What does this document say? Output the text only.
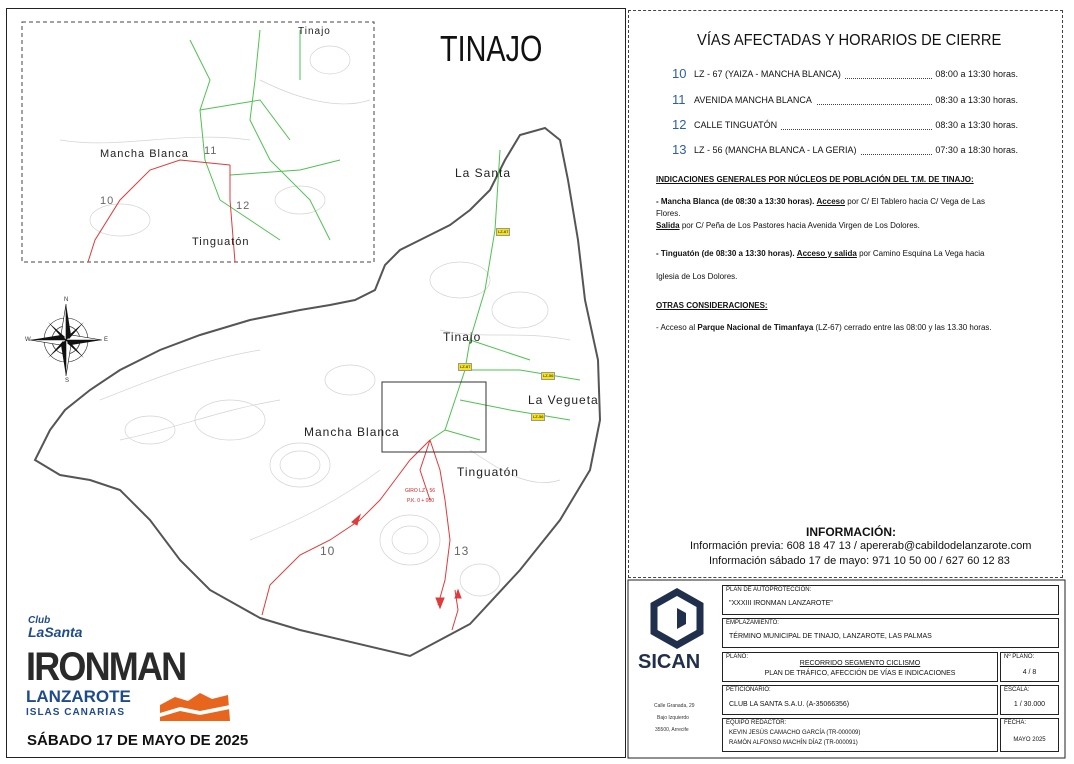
N
S
E
W
TINAJO
La Santa
Tinajo
La Vegueta
Mancha Blanca
Tinguatón
Tinajo
Mancha Blanca
Tinguatón
10	13
10
11
12
LZ-67
LZ-67
LZ-56
LZ-56
GIRO LZ - 56
P.K. 0 + 000
VÍAS AFECTADAS Y HORARIOS DE CIERRE
10 LZ - 67 (YAIZA - MANCHA BLANCA)	08:00 a 13:30 horas.
11 AVENIDA MANCHA BLANCA	08:30 a 13:30 horas.
12 CALLE TINGUATÓN	08:30 a 13:30 horas.
13 LZ - 56 (MANCHA BLANCA - LA GERIA)	07:30 a 18:30 horas.
INDICACIONES GENERALES POR NÚCLEOS DE POBLACIÓN DEL T.M. DE TINAJO:
- Mancha Blanca (de 08:30 a 13:30 horas). Acceso por C/ El Tablero hacia C/ Vega de Las Flores.
Salida por C/ Peña de Los Pastores hacia Avenida Virgen de Los Dolores.
- Tinguatón (de 08:30 a 13:30 horas). Acceso y salida por Camino Esquina La Vega hacia Iglesia de Los Dolores.
OTRAS CONSIDERACIONES:
- Acceso al Parque Nacional de Timanfaya (LZ-67) cerrado entre las 08:00 y las 13.30 horas.
INFORMACIÓN:
Información previa: 608 18 47 13 / apererab@cabildodelanzarote.com
Información sábado 17 de mayo: 971 10 50 00 / 627 60 12 83
SICAN
Calle Granada, 29
Bajo Izquierdo
35500, Arrecife
PLAN DE AUTOPROTECCIÓN:
"XXXIII IRONMAN LANZAROTE"
EMPLAZAMIENTO:
TÉRMINO MUNICIPAL DE TINAJO, LANZAROTE, LAS PALMAS
PLANO:
RECORRIDO SEGMENTO CICLISMO
PLAN DE TRÁFICO, AFECCIÓN DE VÍAS E INDICACIONES
Nº PLANO:
4 / 8
PETICIONARIO:
CLUB LA SANTA S.A.U. (A-35066356)
ESCALA:
1 / 30.000
EQUIPO REDACTOR:
KEVIN JESÚS CAMACHO GARCÍA (TR-000009)
RAMÓN ALFONSO MACHÍN DÍAZ (TR-000091)
FECHA:
MAYO 2025
Club
LaSanta
IRONMAN
LANZAROTE
ISLAS CANARIAS
SÁBADO 17 DE MAYO DE 2025
